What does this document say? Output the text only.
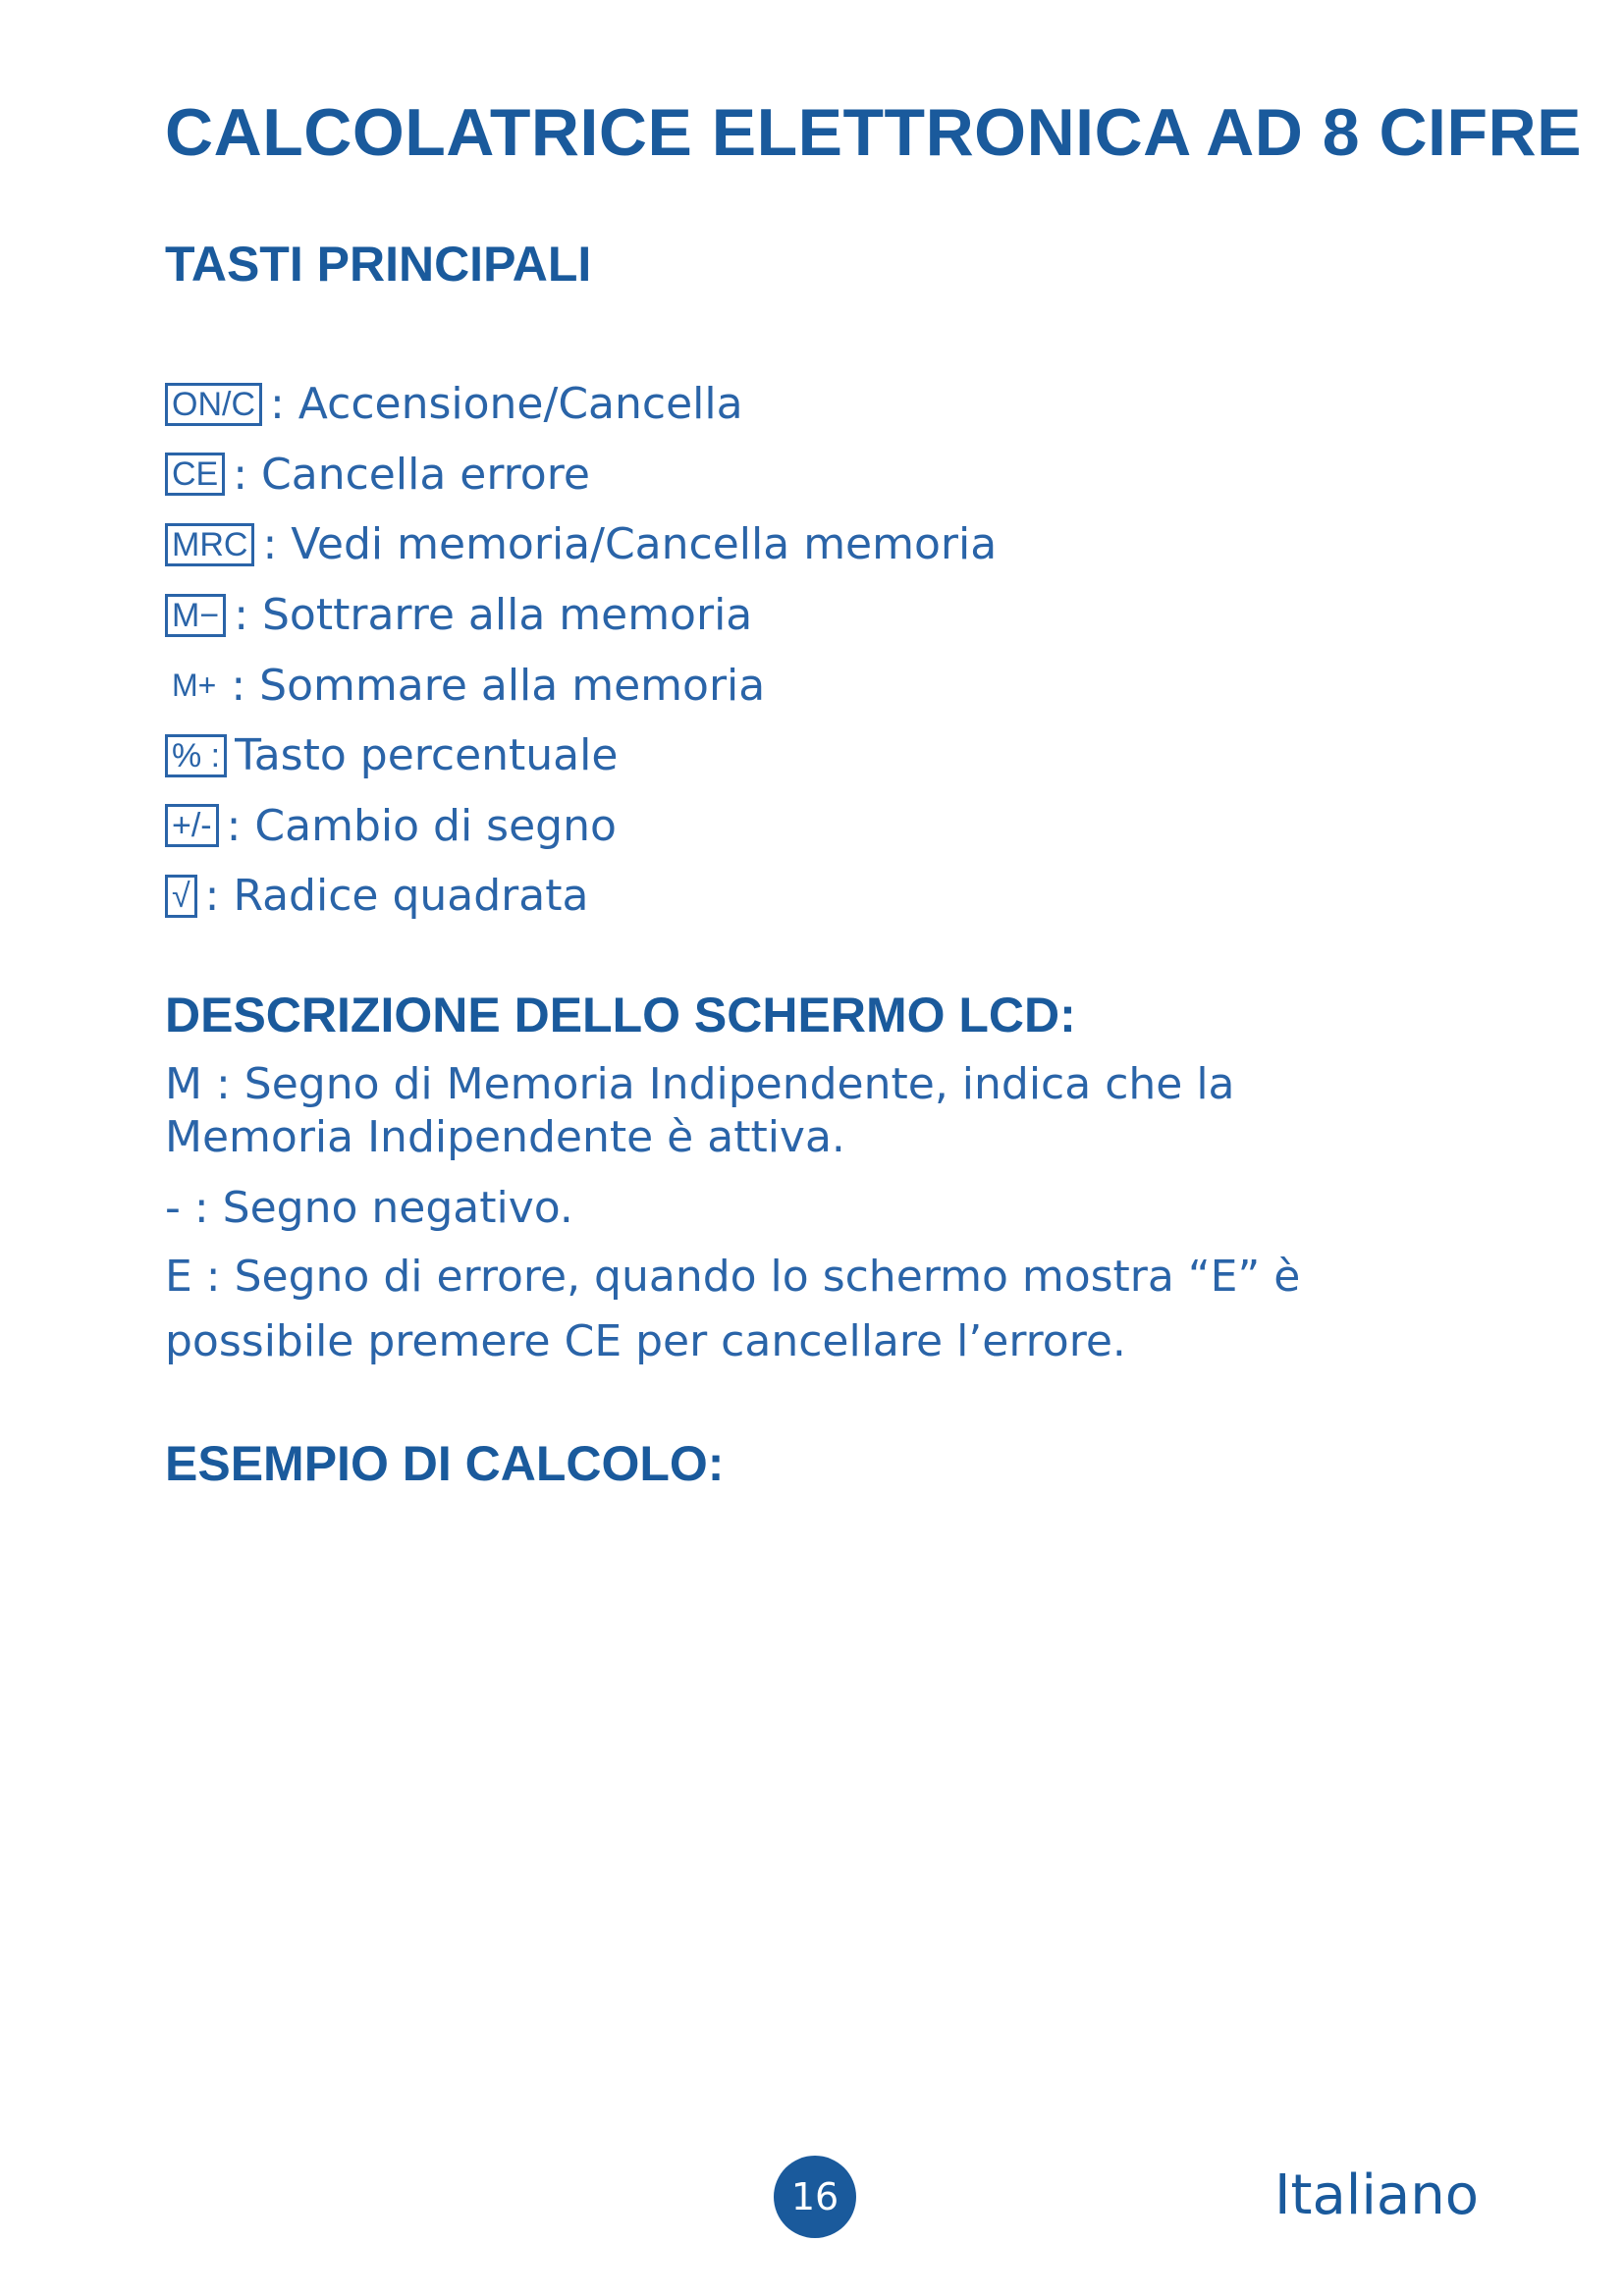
CALCOLATRICE ELETTRONICA AD 8 CIFRE
TASTI PRINCIPALI
ON/C : Accensione/Cancella
CE : Cancella errore
MRC : Vedi memoria/Cancella memoria
M− : Sottrarre alla memoria
M+ : Sommare alla memoria
% : Tasto percentuale
+/- : Cambio di segno
√ : Radice quadrata
DESCRIZIONE DELLO SCHERMO LCD:

M : Segno di Memoria Indipendente, indica che la

Memoria Indipendente è attiva.

- : Segno negativo.

E : Segno di errore, quando lo schermo mostra “E” è

possibile premere CE per cancellare l’errore.

ESEMPIO DI CALCOLO:
16	Italiano
